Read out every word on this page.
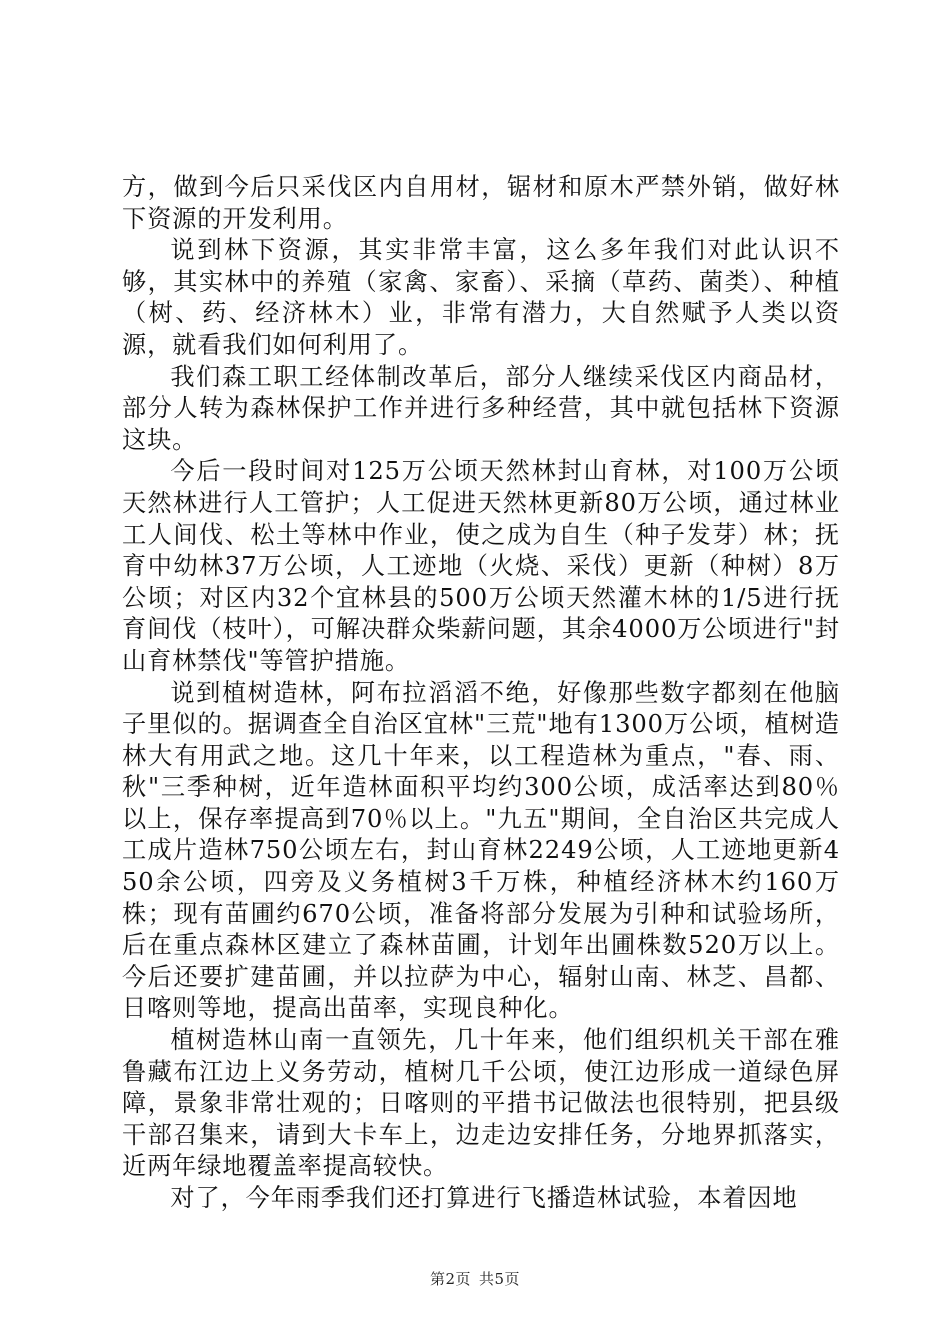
方，做到今后只采伐区内自用材，锯材和原木严禁外销，做好林下资源的开发利用。

说到林下资源，其实非常丰富，这么多年我们对此认识不够，其实林中的养殖（家禽、家畜）、采摘（草药、菌类）、种植（树、药、经济林木）业，非常有潜力，大自然赋予人类以资源，就看我们如何利用了。

我们森工职工经体制改革后，部分人继续采伐区内商品材，部分人转为森林保护工作并进行多种经营，其中就包括林下资源这块。

今后一段时间对125万公顷天然林封山育林，对100万公顷天然林进行人工管护；人工促进天然林更新80万公顷，通过林业工人间伐、松土等林中作业，使之成为自生（种子发芽）林；抚育中幼林37万公顷，人工迹地（火烧、采伐）更新（种树）8万公顷；对区内32个宜林县的500万公顷天然灌木林的1/5进行抚育间伐（枝叶），可解决群众柴薪问题，其余4000万公顷进行"封山育林禁伐"等管护措施。

说到植树造林，阿布拉滔滔不绝，好像那些数字都刻在他脑子里似的。据调查全自治区宜林"三荒"地有1300万公顷，植树造林大有用武之地。这几十年来，以工程造林为重点，"春、雨、秋"三季种树，近年造林面积平均约300公顷，成活率达到80％以上，保存率提高到70％以上。"九五"期间，全自治区共完成人工成片造林750公顷左右，封山育林2249公顷，人工迹地更新450余公顷，四旁及义务植树3千万株，种植经济林木约160万株；现有苗圃约670公顷，准备将部分发展为引种和试验场所，后在重点森林区建立了森林苗圃，计划年出圃株数520万以上。今后还要扩建苗圃，并以拉萨为中心，辐射山南、林芝、昌都、日喀则等地，提高出苗率，实现良种化。

植树造林山南一直领先，几十年来，他们组织机关干部在雅鲁藏布江边上义务劳动，植树几千公顷，使江边形成一道绿色屏障，景象非常壮观的；日喀则的平措书记做法也很特别，把县级干部召集来，请到大卡车上，边走边安排任务，分地界抓落实，近两年绿地覆盖率提高较快。

对了，今年雨季我们还打算进行飞播造林试验，本着因地

第2页 共5页
